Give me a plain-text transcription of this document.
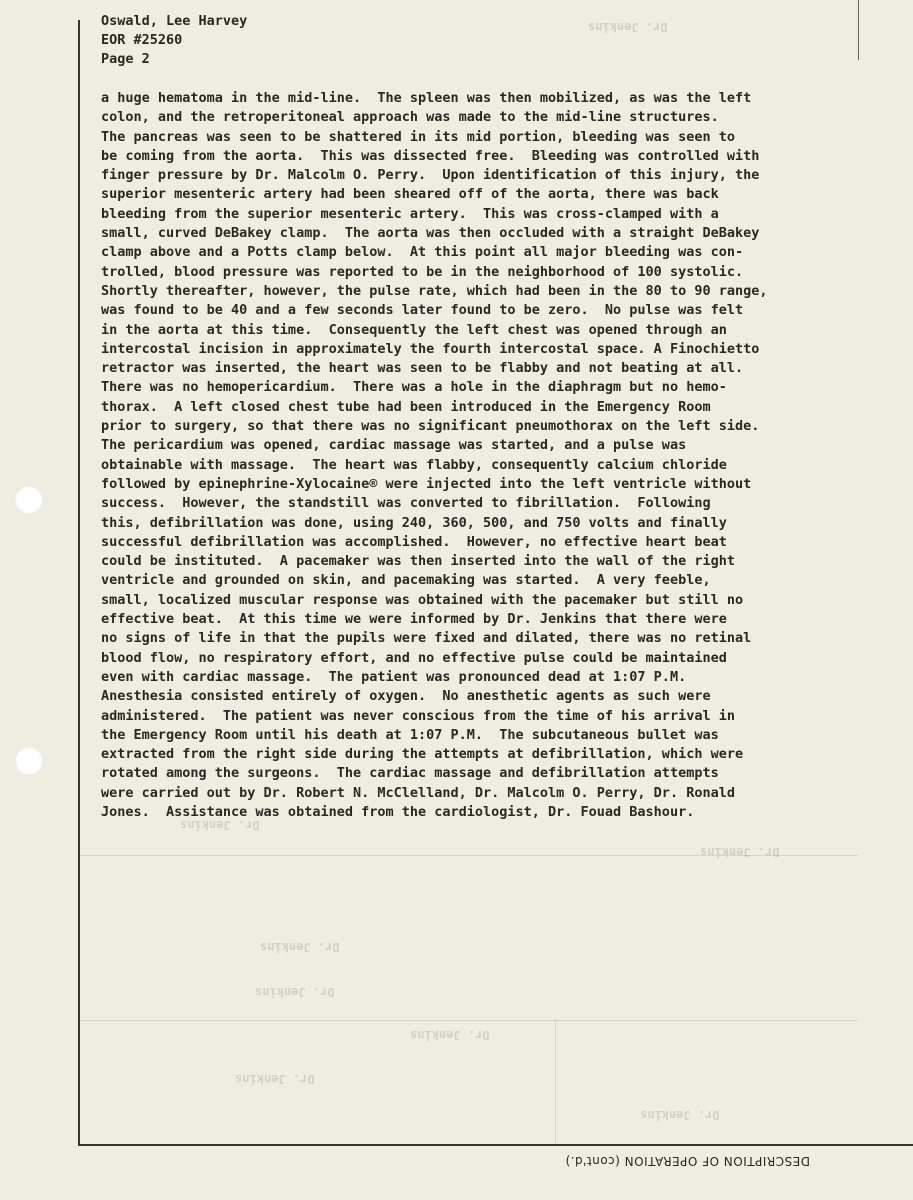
Dr. Jenkins
Dr. Jenkins
Dr. Jenkins
Dr. Jenkins
Dr. Jenkins
Dr. Jenkins
Dr. Jenkins
Dr. Jenkins
Oswald, Lee Harvey
EOR #25260
Page 2
a huge hematoma in the mid-line.  The spleen was then mobilized, as was the left
colon, and the retroperitoneal approach was made to the mid-line structures.
The pancreas was seen to be shattered in its mid portion, bleeding was seen to
be coming from the aorta.  This was dissected free.  Bleeding was controlled with
finger pressure by Dr. Malcolm O. Perry.  Upon identification of this injury, the
superior mesenteric artery had been sheared off of the aorta, there was back
bleeding from the superior mesenteric artery.  This was cross-clamped with a
small, curved DeBakey clamp.  The aorta was then occluded with a straight DeBakey
clamp above and a Potts clamp below.  At this point all major bleeding was con-
trolled, blood pressure was reported to be in the neighborhood of 100 systolic.
Shortly thereafter, however, the pulse rate, which had been in the 80 to 90 range,
was found to be 40 and a few seconds later found to be zero.  No pulse was felt
in the aorta at this time.  Consequently the left chest was opened through an
intercostal incision in approximately the fourth intercostal space. A Finochietto
retractor was inserted, the heart was seen to be flabby and not beating at all.
There was no hemopericardium.  There was a hole in the diaphragm but no hemo-
thorax.  A left closed chest tube had been introduced in the Emergency Room
prior to surgery, so that there was no significant pneumothorax on the left side.
The pericardium was opened, cardiac massage was started, and a pulse was
obtainable with massage.  The heart was flabby, consequently calcium chloride
followed by epinephrine-Xylocaine® were injected into the left ventricle without
success.  However, the standstill was converted to fibrillation.  Following
this, defibrillation was done, using 240, 360, 500, and 750 volts and finally
successful defibrillation was accomplished.  However, no effective heart beat
could be instituted.  A pacemaker was then inserted into the wall of the right
ventricle and grounded on skin, and pacemaking was started.  A very feeble,
small, localized muscular response was obtained with the pacemaker but still no
effective beat.  At this time we were informed by Dr. Jenkins that there were
no signs of life in that the pupils were fixed and dilated, there was no retinal
blood flow, no respiratory effort, and no effective pulse could be maintained
even with cardiac massage.  The patient was pronounced dead at 1:07 P.M.
Anesthesia consisted entirely of oxygen.  No anesthetic agents as such were
administered.  The patient was never conscious from the time of his arrival in
the Emergency Room until his death at 1:07 P.M.  The subcutaneous bullet was
extracted from the right side during the attempts at defibrillation, which were
rotated among the surgeons.  The cardiac massage and defibrillation attempts
were carried out by Dr. Robert N. McClelland, Dr. Malcolm O. Perry, Dr. Ronald
Jones.  Assistance was obtained from the cardiologist, Dr. Fouad Bashour.
DESCRIPTION OF OPERATION (cont'd.)
